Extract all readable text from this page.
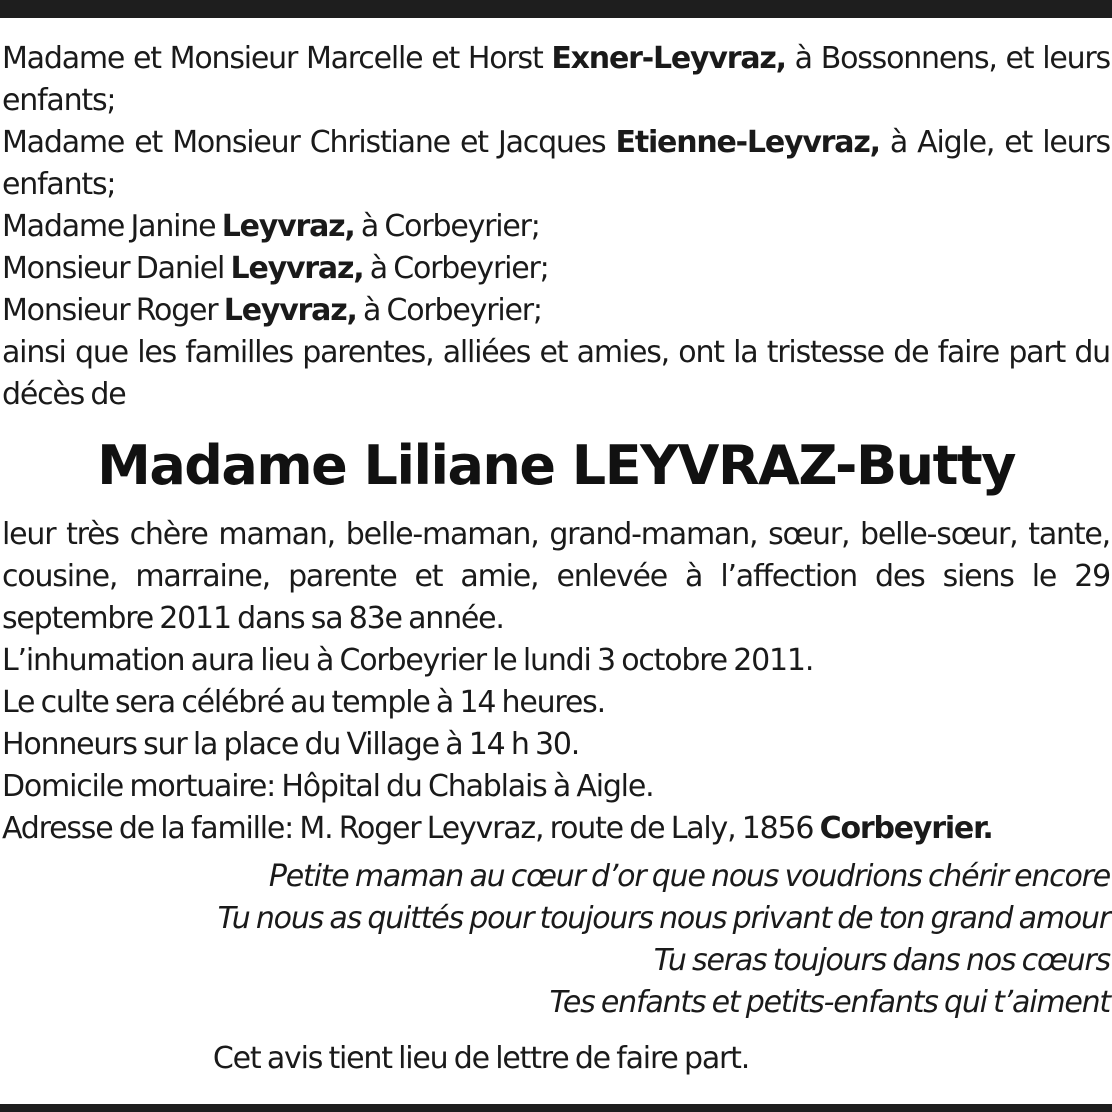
Madame et Monsieur Marcelle et Horst Exner-Leyvraz, à Bossonnens, et leurs enfants;

Madame et Monsieur Christiane et Jacques Etienne-Leyvraz, à Aigle, et leurs enfants;

Madame Janine Leyvraz, à Corbeyrier;

Monsieur Daniel Leyvraz, à Corbeyrier;

Monsieur Roger Leyvraz, à Corbeyrier;

ainsi que les familles parentes, alliées et amies, ont la tristesse de faire part du décès de

Madame Liliane LEYVRAZ-Butty

leur très chère maman, belle-maman, grand-maman, sœur, belle-sœur, tante, cousine, marraine, parente et amie, enlevée à l’affection des siens le 29 septembre 2011 dans sa 83e année.

L’inhumation aura lieu à Corbeyrier le lundi 3 octobre 2011.

Le culte sera célébré au temple à 14 heures.

Honneurs sur la place du Village à 14 h 30.

Domicile mortuaire: Hôpital du Chablais à Aigle.

Adresse de la famille: M. Roger Leyvraz, route de Laly, 1856 Corbeyrier.

Petite maman au cœur d’or que nous voudrions chérir encore
Tu nous as quittés pour toujours nous privant de ton grand amour
Tu seras toujours dans nos cœurs
Tes enfants et petits-enfants qui t’aiment
Cet avis tient lieu de lettre de faire part.
